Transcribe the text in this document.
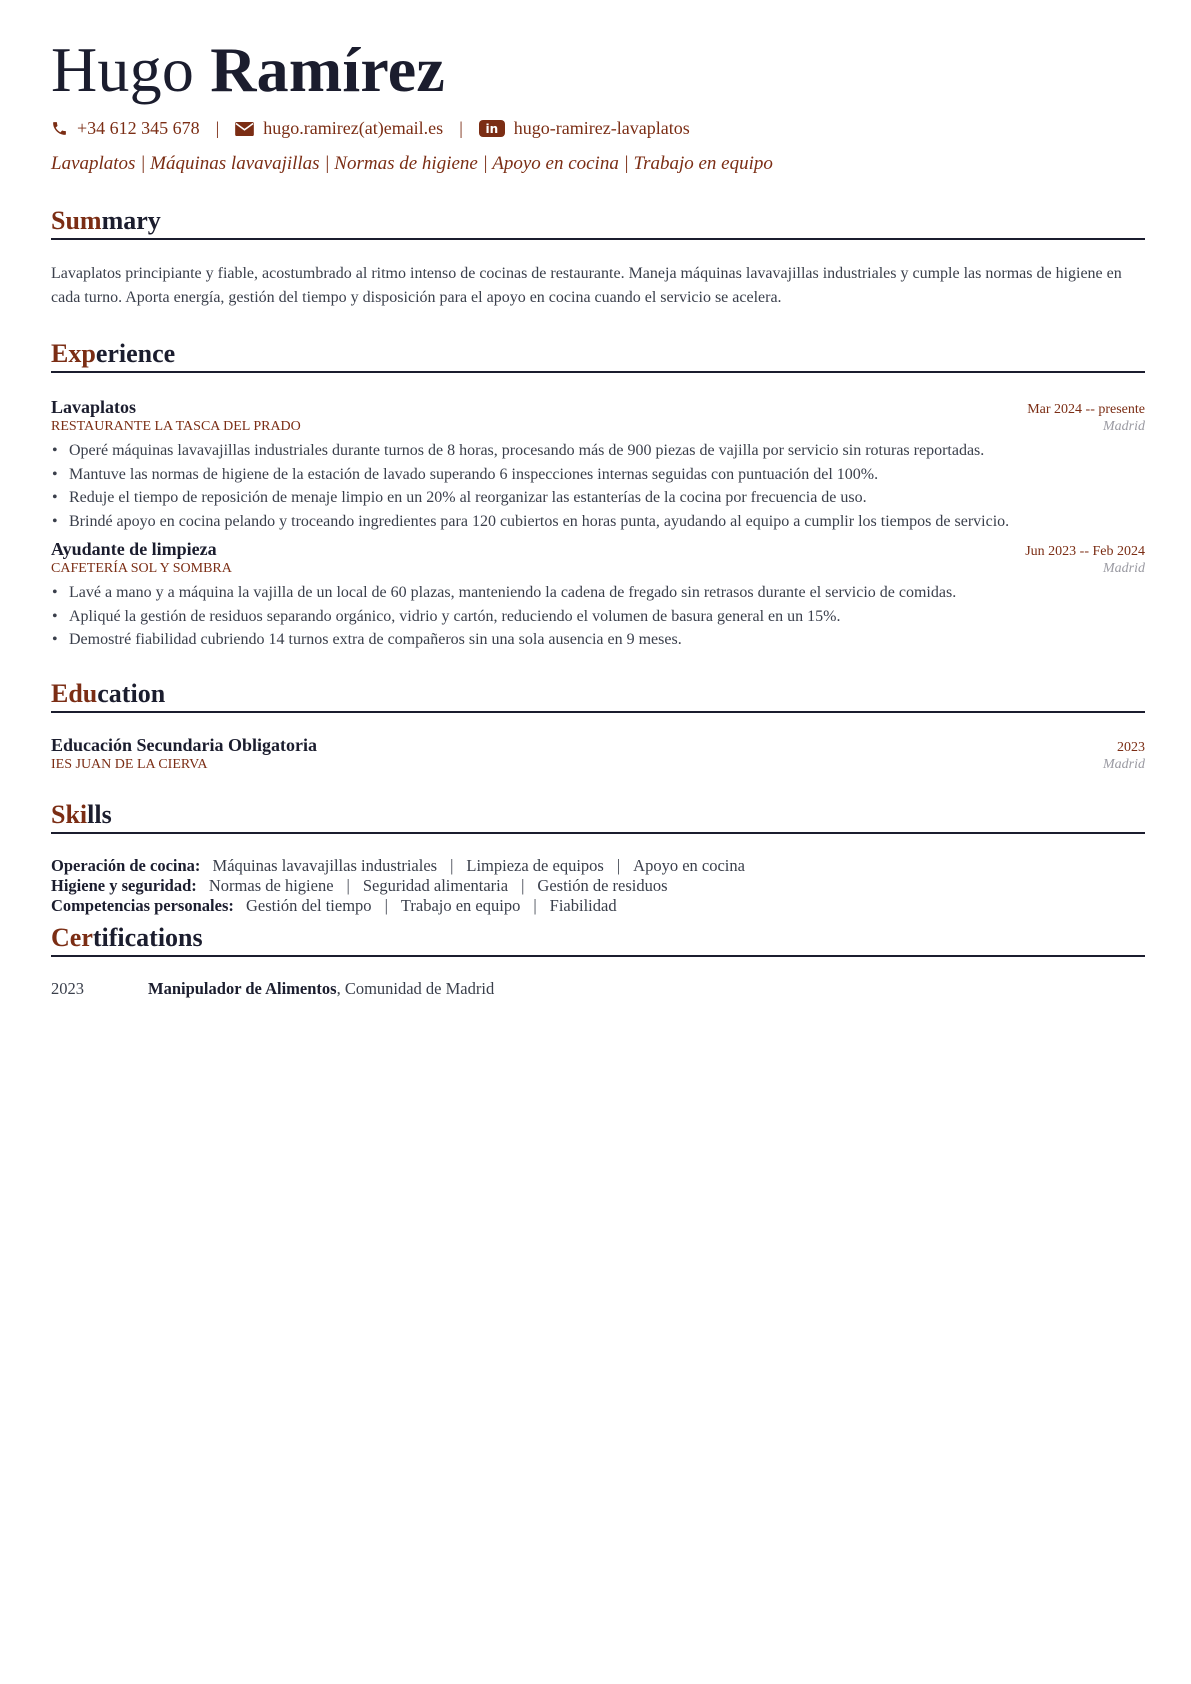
Hugo Ramírez
+34 612 345 678 | hugo.ramirez(at)email.es |	in hugo-ramirez-lavaplatos
Lavaplatos | Máquinas lavavajillas | Normas de higiene | Apoyo en cocina | Trabajo en equipo
Summary
Lavaplatos principiante y fiable, acostumbrado al ritmo intenso de cocinas de restaurante. Maneja máquinas lavavajillas industriales y cumple las normas de higiene en cada turno. Aporta energía, gestión del tiempo y disposición para el apoyo en cocina cuando el servicio se acelera.
Experience
Lavaplatos	Mar 2024 -- presente
RESTAURANTE LA TASCA DEL PRADO	Madrid
• Operé máquinas lavavajillas industriales durante turnos de 8 horas, procesando más de 900 piezas de vajilla por servicio sin roturas reportadas.
• Mantuve las normas de higiene de la estación de lavado superando 6 inspecciones internas seguidas con puntuación del 100%.
• Reduje el tiempo de reposición de menaje limpio en un 20% al reorganizar las estanterías de la cocina por frecuencia de uso.
• Brindé apoyo en cocina pelando y troceando ingredientes para 120 cubiertos en horas punta, ayudando al equipo a cumplir los tiempos de servicio.
Ayudante de limpieza	Jun 2023 -- Feb 2024
CAFETERÍA SOL Y SOMBRA	Madrid
• Lavé a mano y a máquina la vajilla de un local de 60 plazas, manteniendo la cadena de fregado sin retrasos durante el servicio de comidas.
• Apliqué la gestión de residuos separando orgánico, vidrio y cartón, reduciendo el volumen de basura general en un 15%.
• Demostré fiabilidad cubriendo 14 turnos extra de compañeros sin una sola ausencia en 9 meses.
Education
Educación Secundaria Obligatoria	2023
IES JUAN DE LA CIERVA	Madrid
Skills
Operación de cocina: Máquinas lavavajillas industriales | Limpieza de equipos | Apoyo en cocina
Higiene y seguridad: Normas de higiene | Seguridad alimentaria | Gestión de residuos
Competencias personales: Gestión del tiempo | Trabajo en equipo | Fiabilidad
Certifications
2023	Manipulador de Alimentos, Comunidad de Madrid
